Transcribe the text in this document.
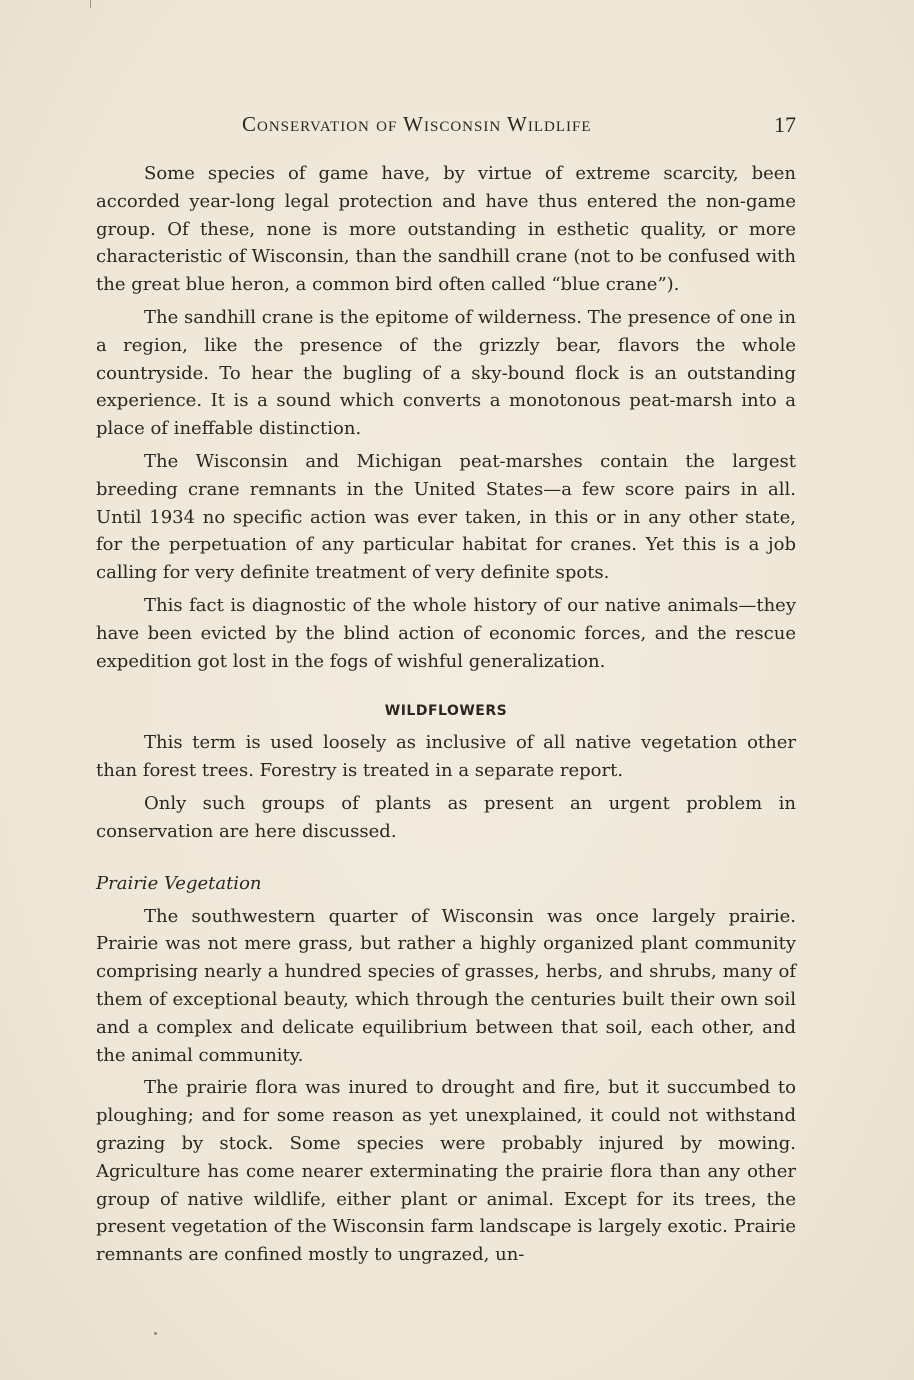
Conservation of Wisconsin Wildlife	17

Some species of game have, by virtue of extreme scarcity, been accorded year-long legal protection and have thus entered the non-game group. Of these, none is more outstanding in esthetic quality, or more characteristic of Wisconsin, than the sandhill crane (not to be confused with the great blue heron, a common bird often called “blue crane”).

The sandhill crane is the epitome of wilderness. The presence of one in a region, like the presence of the grizzly bear, flavors the whole countryside. To hear the bugling of a sky-bound flock is an outstanding experience. It is a sound which converts a monotonous peat-marsh into a place of ineffable distinction.

The Wisconsin and Michigan peat-marshes contain the largest breeding crane remnants in the United States—a few score pairs in all. Until 1934 no specific action was ever taken, in this or in any other state, for the perpetuation of any particular habitat for cranes. Yet this is a job calling for very definite treatment of very definite spots.

This fact is diagnostic of the whole history of our native animals—they have been evicted by the blind action of economic forces, and the rescue expedition got lost in the fogs of wishful generalization.

WILDFLOWERS

This term is used loosely as inclusive of all native vegetation other than forest trees. Forestry is treated in a separate report.

Only such groups of plants as present an urgent problem in conservation are here discussed.

Prairie Vegetation

The southwestern quarter of Wisconsin was once largely prairie. Prairie was not mere grass, but rather a highly organized plant community comprising nearly a hundred species of grasses, herbs, and shrubs, many of them of exceptional beauty, which through the centuries built their own soil and a complex and delicate equilibrium between that soil, each other, and the animal community.

The prairie flora was inured to drought and fire, but it succumbed to ploughing; and for some reason as yet unexplained, it could not withstand grazing by stock. Some species were probably injured by mowing. Agriculture has come nearer exterminating the prairie flora than any other group of native wildlife, either plant or animal. Except for its trees, the present vegetation of the Wisconsin farm landscape is largely exotic. Prairie remnants are confined mostly to ungrazed, un-
